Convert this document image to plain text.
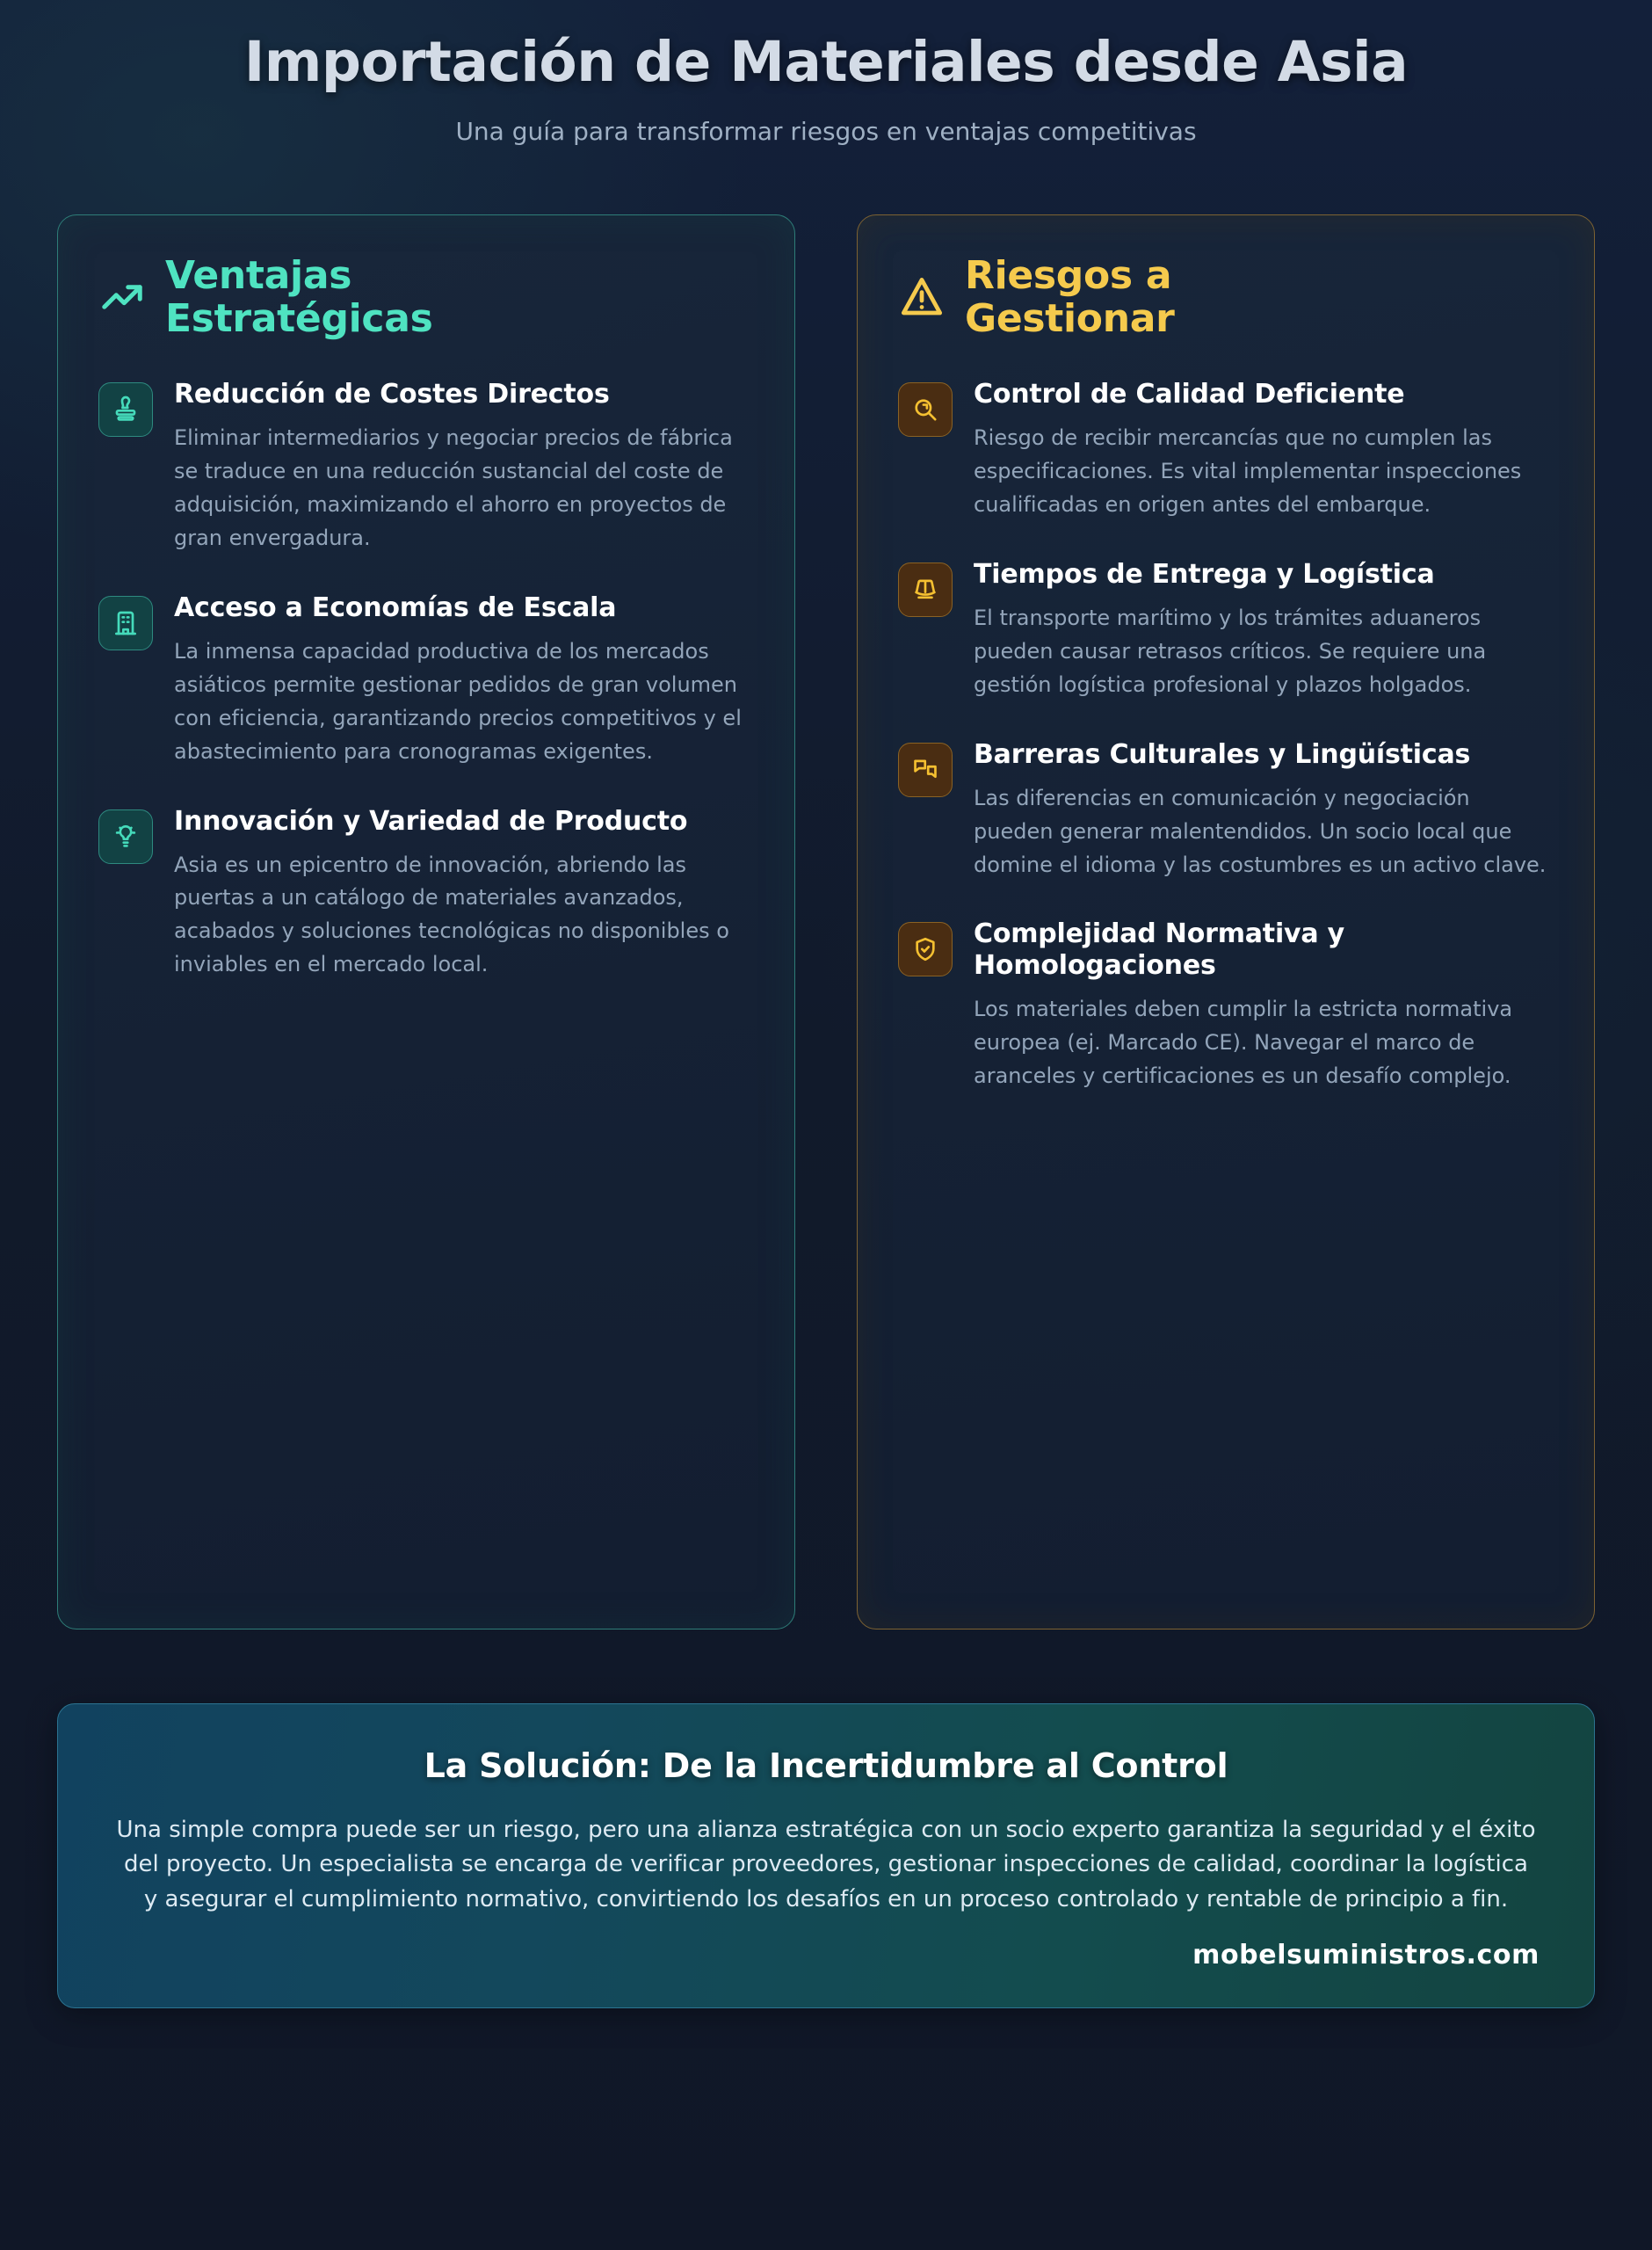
Importación de Materiales desde Asia
Una guía para transformar riesgos en ventajas competitivas
Ventajas Estratégicas
Reducción de Costes Directos

Eliminar intermediarios y negociar precios de fábrica se traduce en una reducción sustancial del coste de adquisición, maximizando el ahorro en proyectos de gran envergadura.

Acceso a Economías de Escala

La inmensa capacidad productiva de los mercados asiáticos permite gestionar pedidos de gran volumen con eficiencia, garantizando precios competitivos y el abastecimiento para cronogramas exigentes.

Innovación y Variedad de Producto

Asia es un epicentro de innovación, abriendo las puertas a un catálogo de materiales avanzados, acabados y soluciones tecnológicas no disponibles o inviables en el mercado local.

Riesgos a Gestionar
Control de Calidad Deficiente

Riesgo de recibir mercancías que no cumplen las especificaciones. Es vital implementar inspecciones cualificadas en origen antes del embarque.

Tiempos de Entrega y Logística

El transporte marítimo y los trámites aduaneros pueden causar retrasos críticos. Se requiere una gestión logística profesional y plazos holgados.

Barreras Culturales y Lingüísticas

Las diferencias en comunicación y negociación pueden generar malentendidos. Un socio local que domine el idioma y las costumbres es un activo clave.

Complejidad Normativa y Homologaciones

Los materiales deben cumplir la estricta normativa europea (ej. Marcado CE). Navegar el marco de aranceles y certificaciones es un desafío complejo.

La Solución: De la Incertidumbre al Control

Una simple compra puede ser un riesgo, pero una alianza estratégica con un socio experto garantiza la seguridad y el éxito del proyecto. Un especialista se encarga de verificar proveedores, gestionar inspecciones de calidad, coordinar la logística y asegurar el cumplimiento normativo, convirtiendo los desafíos en un proceso controlado y rentable de principio a fin.

mobelsuministros.com
